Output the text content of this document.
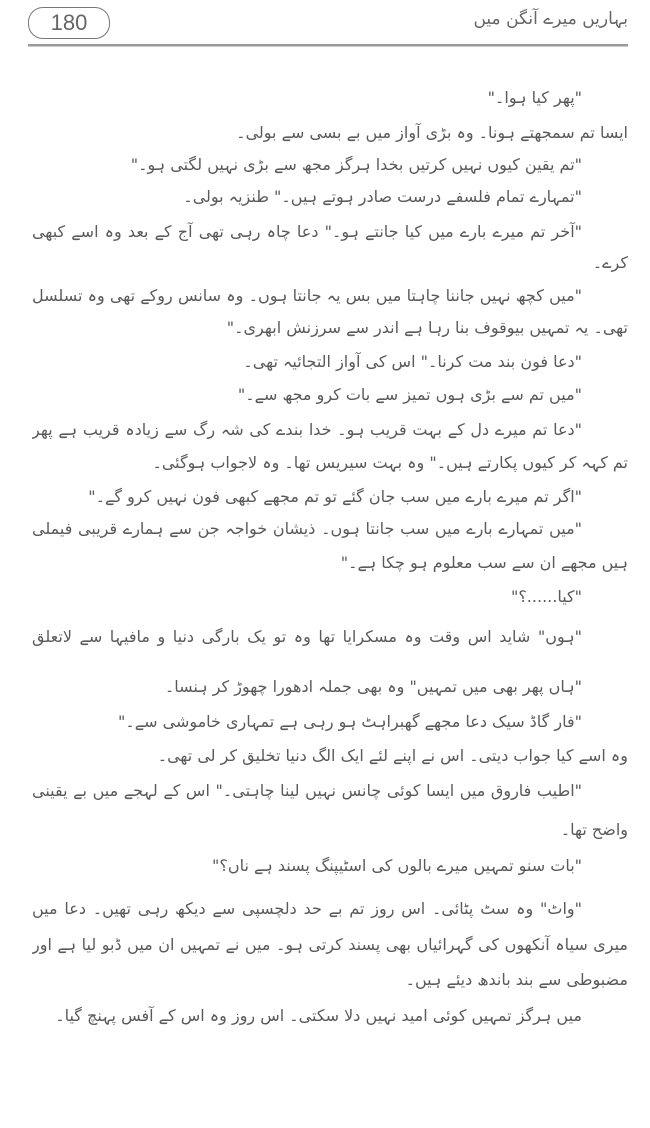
180	بہاریں میرے آنگن میں
"پھر کیا ہوا۔"
ایسا تم سمجھتے ہونا۔ وہ بڑی آواز میں بے بسی سے بولی۔
"تم یقین کیوں نہیں کرتیں بخدا ہرگز مجھ سے بڑی نہیں لگتی ہو۔"
"تمہارے تمام فلسفے درست صادر ہوتے ہیں۔" طنزیہ بولی۔
"آخر تم میرے بارے میں کیا جانتے ہو۔" دعا چاہ رہی تھی آج کے بعد وہ اسے کبھی
کرے۔
"میں کچھ نہیں جاننا چاہتا میں بس یہ جانتا ہوں۔ وہ سانس روکے تھی وہ تسلسل
تھی۔ یہ تمہیں بیوقوف بنا رہا ہے اندر سے سرزنش ابھری۔"
"دعا فون بند مت کرنا۔" اس کی آواز التجائیہ تھی۔
"میں تم سے بڑی ہوں تمیز سے بات کرو مجھ سے۔"
"دعا تم میرے دل کے بہت قریب ہو۔ خدا بندے کی شہ رگ سے زیادہ قریب ہے پھر
تم کہہ کر کیوں پکارتے ہیں۔" وہ بہت سیریس تھا۔ وہ لاجواب ہوگئی۔
"اگر تم میرے بارے میں سب جان گئے تو تم مجھے کبھی فون نہیں کرو گے۔"
"میں تمہارے بارے میں سب جانتا ہوں۔ ذیشان خواجہ جن سے ہمارے قریبی فیملی
ہیں مجھے ان سے سب معلوم ہو چکا ہے۔"
"کیا......؟"
"ہوں" شاید اس وقت وہ مسکرایا تھا وہ تو یک بارگی دنیا و مافیہا سے لاتعلق
"ہاں پھر بھی میں تمہیں" وہ بھی جملہ ادھورا چھوڑ کر ہنسا۔
"فار گاڈ سیک دعا مجھے گھبراہٹ ہو رہی ہے تمہاری خاموشی سے۔"
وہ اسے کیا جواب دیتی۔ اس نے اپنے لئے ایک الگ دنیا تخلیق کر لی تھی۔
"اطیب فاروق میں ایسا کوئی چانس نہیں لینا چاہتی۔" اس کے لہجے میں بے یقینی
واضح تھا۔
"بات سنو تمہیں میرے بالوں کی اسٹیپنگ پسند ہے ناں؟"
"واٹ" وہ سٹ پٹائی۔ اس روز تم بے حد دلچسپی سے دیکھ رہی تھیں۔ دعا میں
میری سیاہ آنکھوں کی گہرائیاں بھی پسند کرتی ہو۔ میں نے تمہیں ان میں ڈبو لیا ہے اور
مضبوطی سے بند باندھ دیئے ہیں۔
میں ہرگز تمہیں کوئی امید نہیں دلا سکتی۔ اس روز وہ اس کے آفس پہنچ گیا۔
